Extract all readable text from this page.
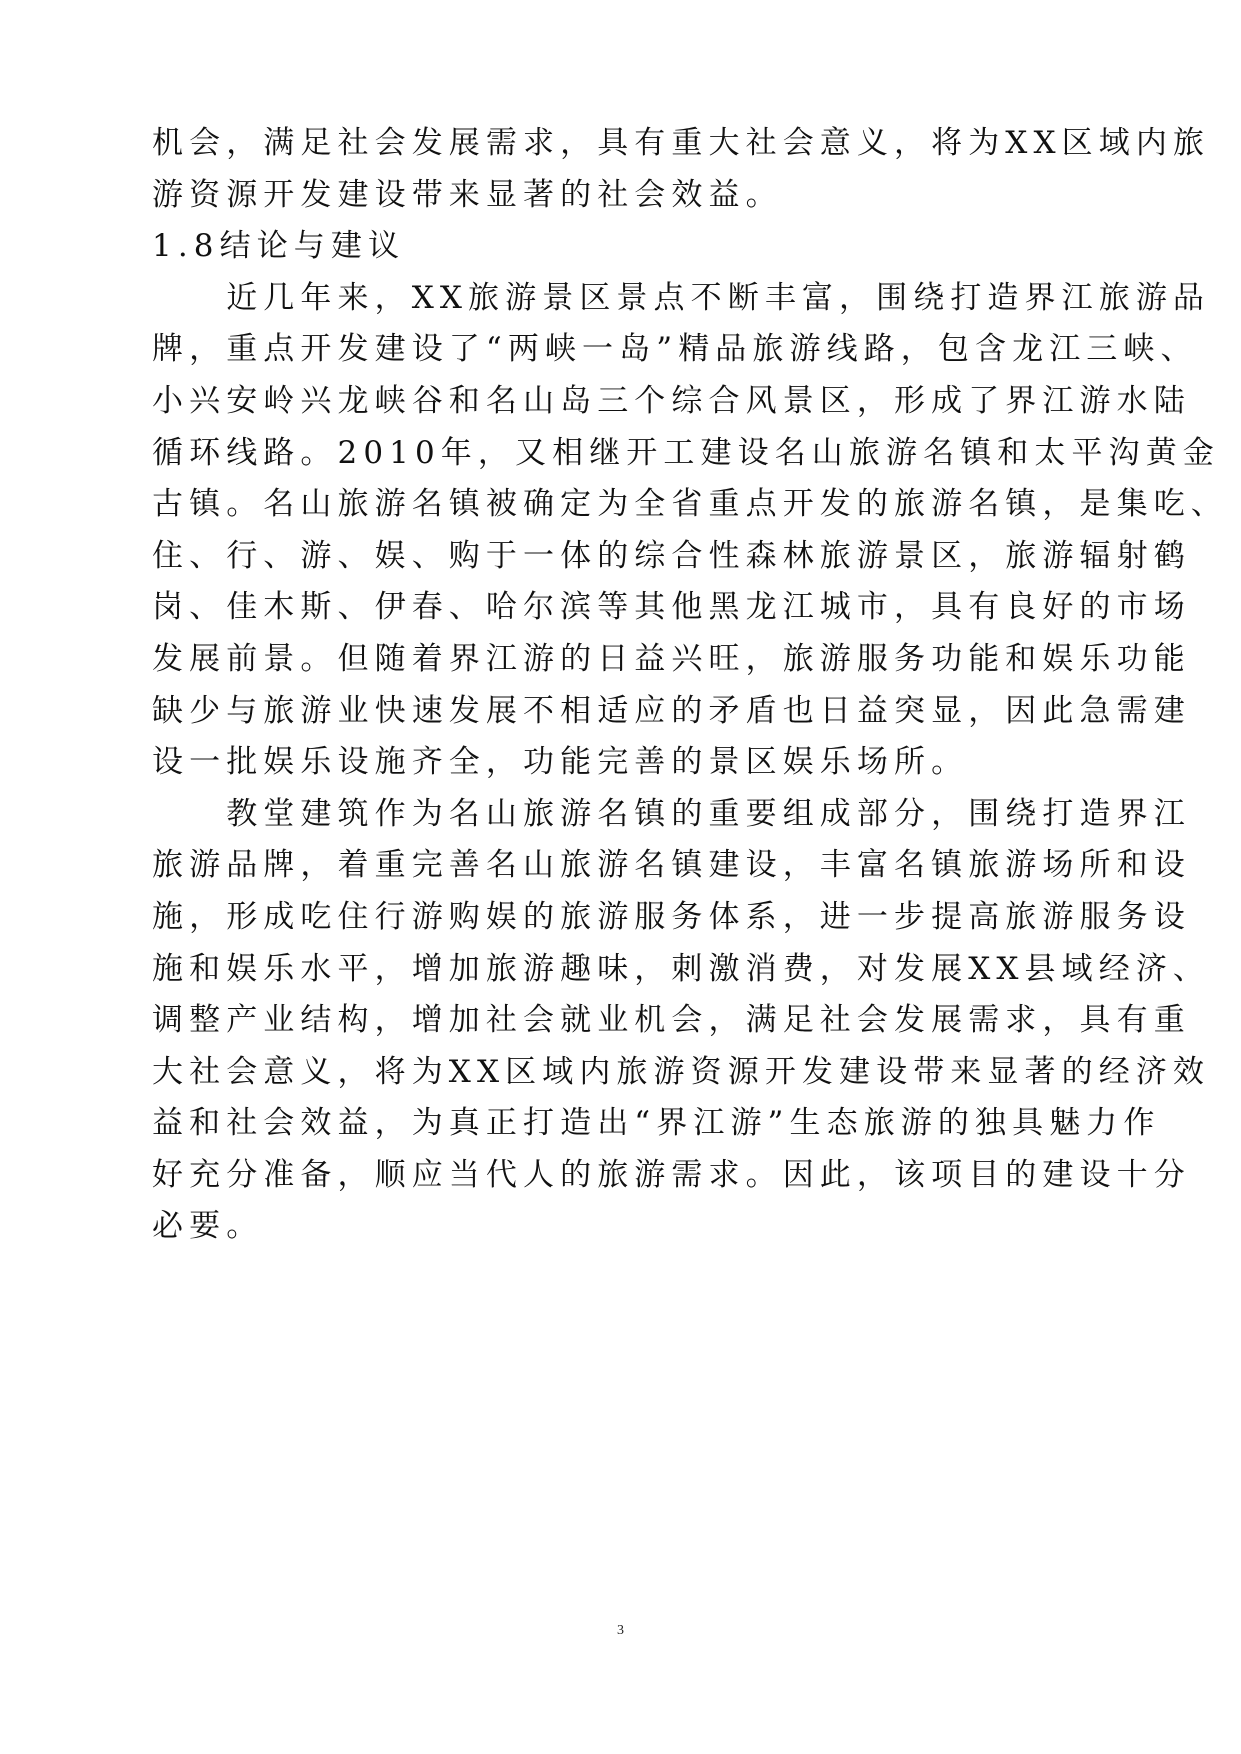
机会，满足社会发展需求，具有重大社会意义，将为XX区域内旅
游资源开发建设带来显著的社会效益。
1.8结论与建议
　　近几年来，XX旅游景区景点不断丰富，围绕打造界江旅游品
牌，重点开发建设了“两峡一岛”精品旅游线路，包含龙江三峡、
小兴安岭兴龙峡谷和名山岛三个综合风景区，形成了界江游水陆
循环线路。2010年，又相继开工建设名山旅游名镇和太平沟黄金
古镇。名山旅游名镇被确定为全省重点开发的旅游名镇，是集吃、
住、行、游、娱、购于一体的综合性森林旅游景区，旅游辐射鹤
岗、佳木斯、伊春、哈尔滨等其他黑龙江城市，具有良好的市场
发展前景。但随着界江游的日益兴旺，旅游服务功能和娱乐功能
缺少与旅游业快速发展不相适应的矛盾也日益突显，因此急需建
设一批娱乐设施齐全，功能完善的景区娱乐场所。
　　教堂建筑作为名山旅游名镇的重要组成部分，围绕打造界江
旅游品牌，着重完善名山旅游名镇建设，丰富名镇旅游场所和设
施，形成吃住行游购娱的旅游服务体系，进一步提高旅游服务设
施和娱乐水平，增加旅游趣味，刺激消费，对发展XX县域经济、
调整产业结构，增加社会就业机会，满足社会发展需求，具有重
大社会意义，将为XX区域内旅游资源开发建设带来显著的经济效
益和社会效益，为真正打造出“界江游”生态旅游的独具魅力作
好充分准备，顺应当代人的旅游需求。因此，该项目的建设十分
必要。
3
